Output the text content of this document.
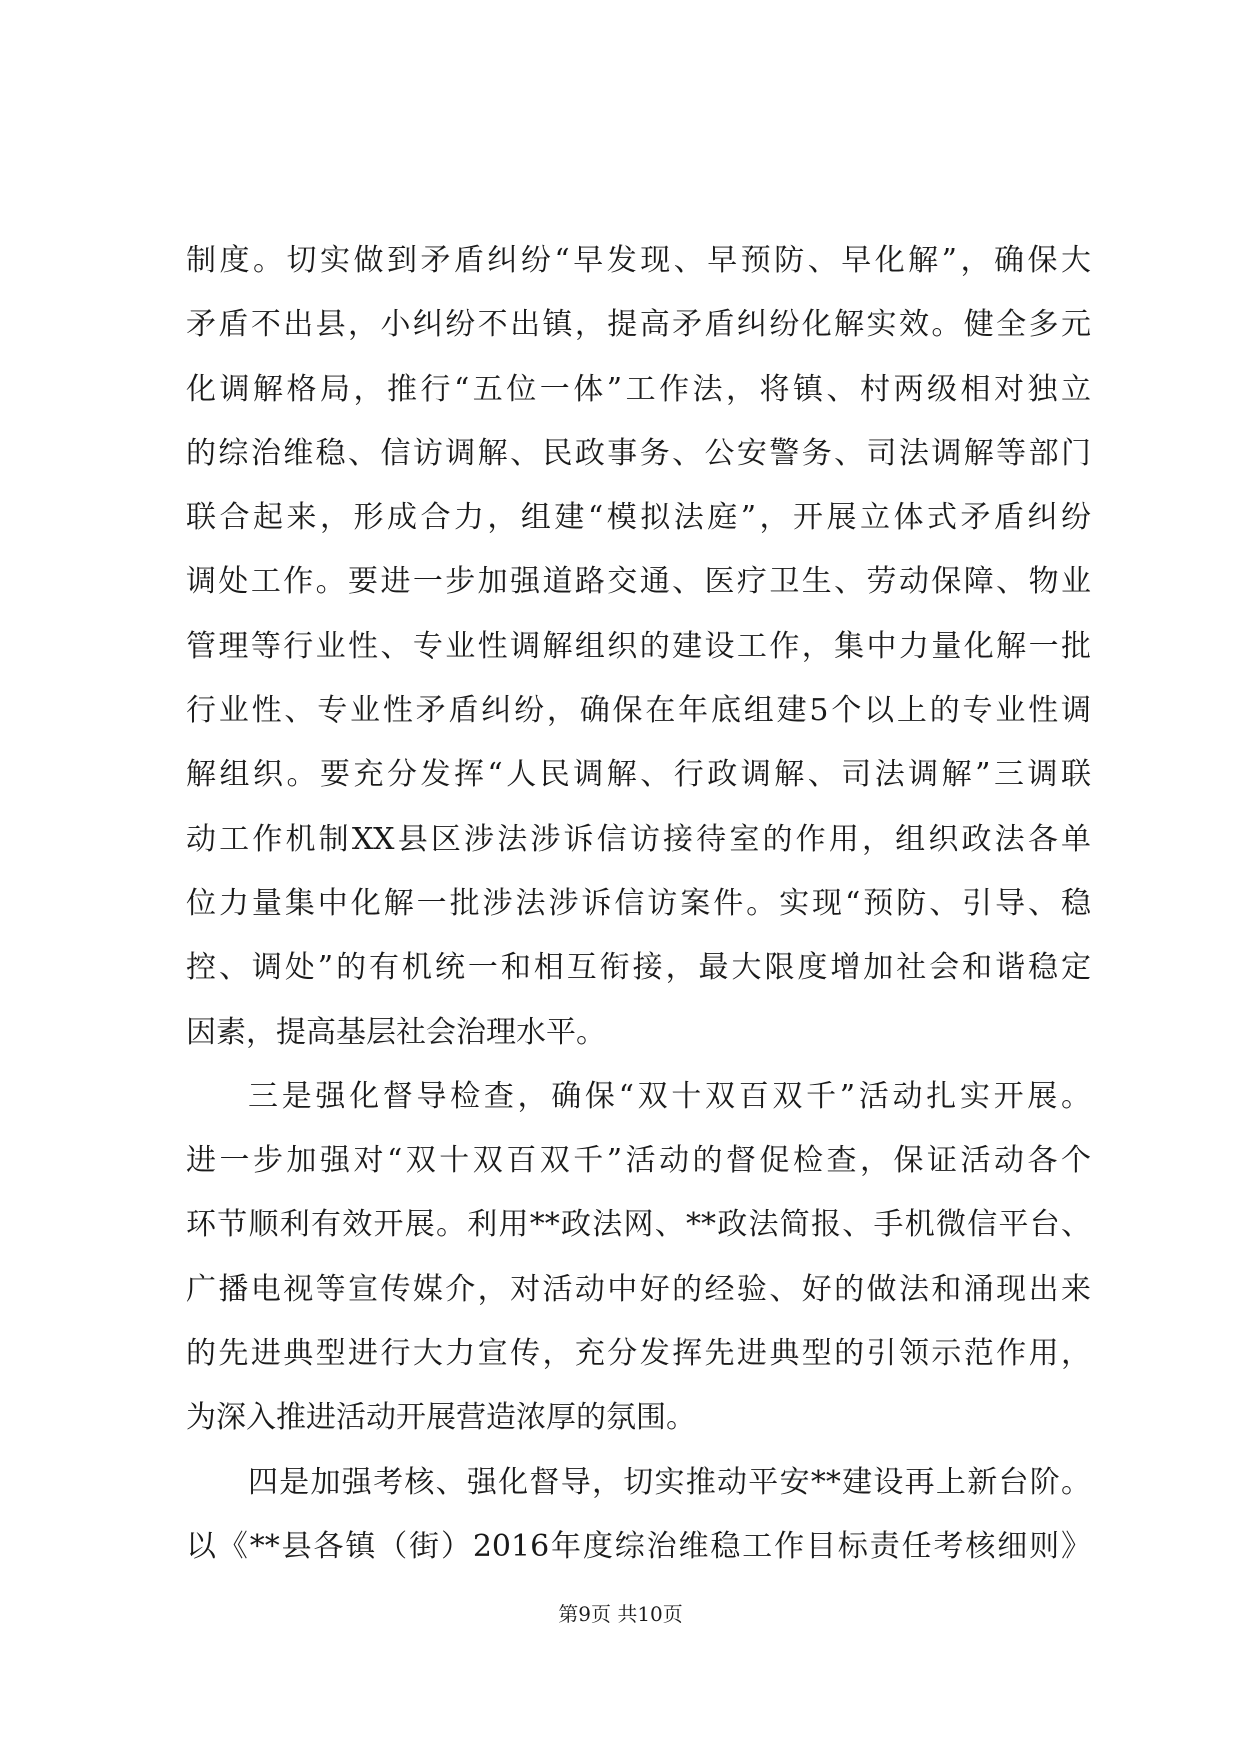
制度。切实做到矛盾纠纷“早发现、早预防、早化解”，确保大
矛盾不出县，小纠纷不出镇，提高矛盾纠纷化解实效。健全多元
化调解格局，推行“五位一体”工作法，将镇、村两级相对独立
的综治维稳、信访调解、民政事务、公安警务、司法调解等部门
联合起来，形成合力，组建“模拟法庭”，开展立体式矛盾纠纷
调处工作。要进一步加强道路交通、医疗卫生、劳动保障、物业
管理等行业性、专业性调解组织的建设工作，集中力量化解一批
行业性、专业性矛盾纠纷，确保在年底组建5个以上的专业性调
解组织。要充分发挥“人民调解、行政调解、司法调解”三调联
动工作机制XX县区涉法涉诉信访接待室的作用，组织政法各单
位力量集中化解一批涉法涉诉信访案件。实现“预防、引导、稳
控、调处”的有机统一和相互衔接，最大限度增加社会和谐稳定
因素，提高基层社会治理水平。
三是强化督导检查，确保“双十双百双千”活动扎实开展。
进一步加强对“双十双百双千”活动的督促检查，保证活动各个
环节顺利有效开展。利用**政法网、**政法简报、手机微信平台、
广播电视等宣传媒介，对活动中好的经验、好的做法和涌现出来
的先进典型进行大力宣传，充分发挥先进典型的引领示范作用，
为深入推进活动开展营造浓厚的氛围。
四是加强考核、强化督导，切实推动平安**建设再上新台阶。
以《**县各镇（街）2016年度综治维稳工作目标责任考核细则》
第9页 共10页
